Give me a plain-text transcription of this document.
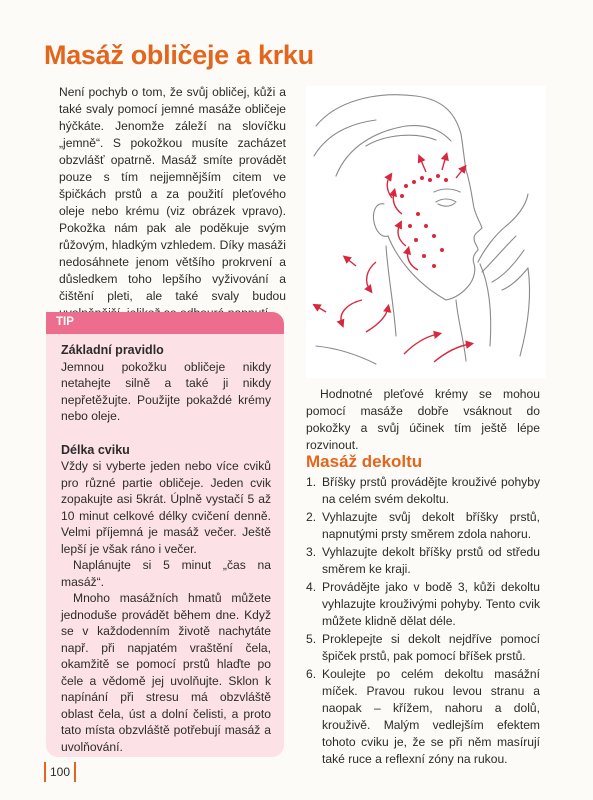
Masáž obličeje a krku

Není pochyb o tom, že svůj obličej, kůži a také svaly pomocí jemné masáže obličeje hýčkáte. Jenomže záleží na slovíčku „jemně“. S pokožkou musíte zacházet obzvlášť opatrně. Masáž smíte provádět pouze s tím nejjemnějším citem ve špičkách prstů a za použití pleťového oleje nebo krému (viz obrázek vpravo). Pokožka nám pak ale poděkuje svým růžovým, hladkým vzhledem. Díky masáži nedosáhnete jenom většího prokrvení a důsledkem toho lepšího vyživování a čištění pleti, ale také svaly budou

TIP
Základní pravidlo

Jemnou pokožku obličeje nikdy netahejte silně a také ji nikdy nepřetěžujte. Použijte pokaždé krémy nebo oleje.

Délka cviku

Vždy si vyberte jeden nebo více cviků pro různé partie obličeje. Jeden cvik zopakujte asi 5krát. Úplně vystačí 5 až 10 minut celkové délky cvičení denně. Velmi příjemná je masáž večer. Ještě lepší je však ráno i večer.

Naplánujte si 5 minut „čas na masáž“.

Mnoho masážních hmatů můžete jednoduše provádět během dne. Když se v každodenním životě nachytáte např. při napjatém vraštění čela, okamžitě se pomocí prstů hlaďte po čele a vědomě jej uvolňujte. Sklon k napínání při stresu má obzvláště oblast čela, úst a dolní čelisti, a proto tato místa obzvláště potřebují masáž a uvolňování.

Hodnotné pleťové krémy se mohou pomocí masáže dobře vsáknout do pokožky a svůj účinek tím ještě lépe rozvinout.

Masáž dekoltu
1. Bříšky prstů provádějte krouživé pohyby na celém svém dekoltu.
2. Vyhlazujte svůj dekolt bříšky prstů, napnutými prsty směrem zdola nahoru.
3. Vyhlazujte dekolt bříšky prstů od středu směrem ke kraji.
4. Provádějte jako v bodě 3, kůži dekoltu vyhlazujte krouživými pohyby. Tento cvik můžete klidně dělat déle.
5. Proklepejte si dekolt nejdříve pomocí špiček prstů, pak pomocí bříšek prstů.
6. Koulejte po celém dekoltu masážní míček. Pravou rukou levou stranu a naopak – křížem, nahoru a dolů, krouživě. Malým vedlejším efektem tohoto cviku je, že se při něm masírují také ruce a reflexní zóny na rukou.
100
